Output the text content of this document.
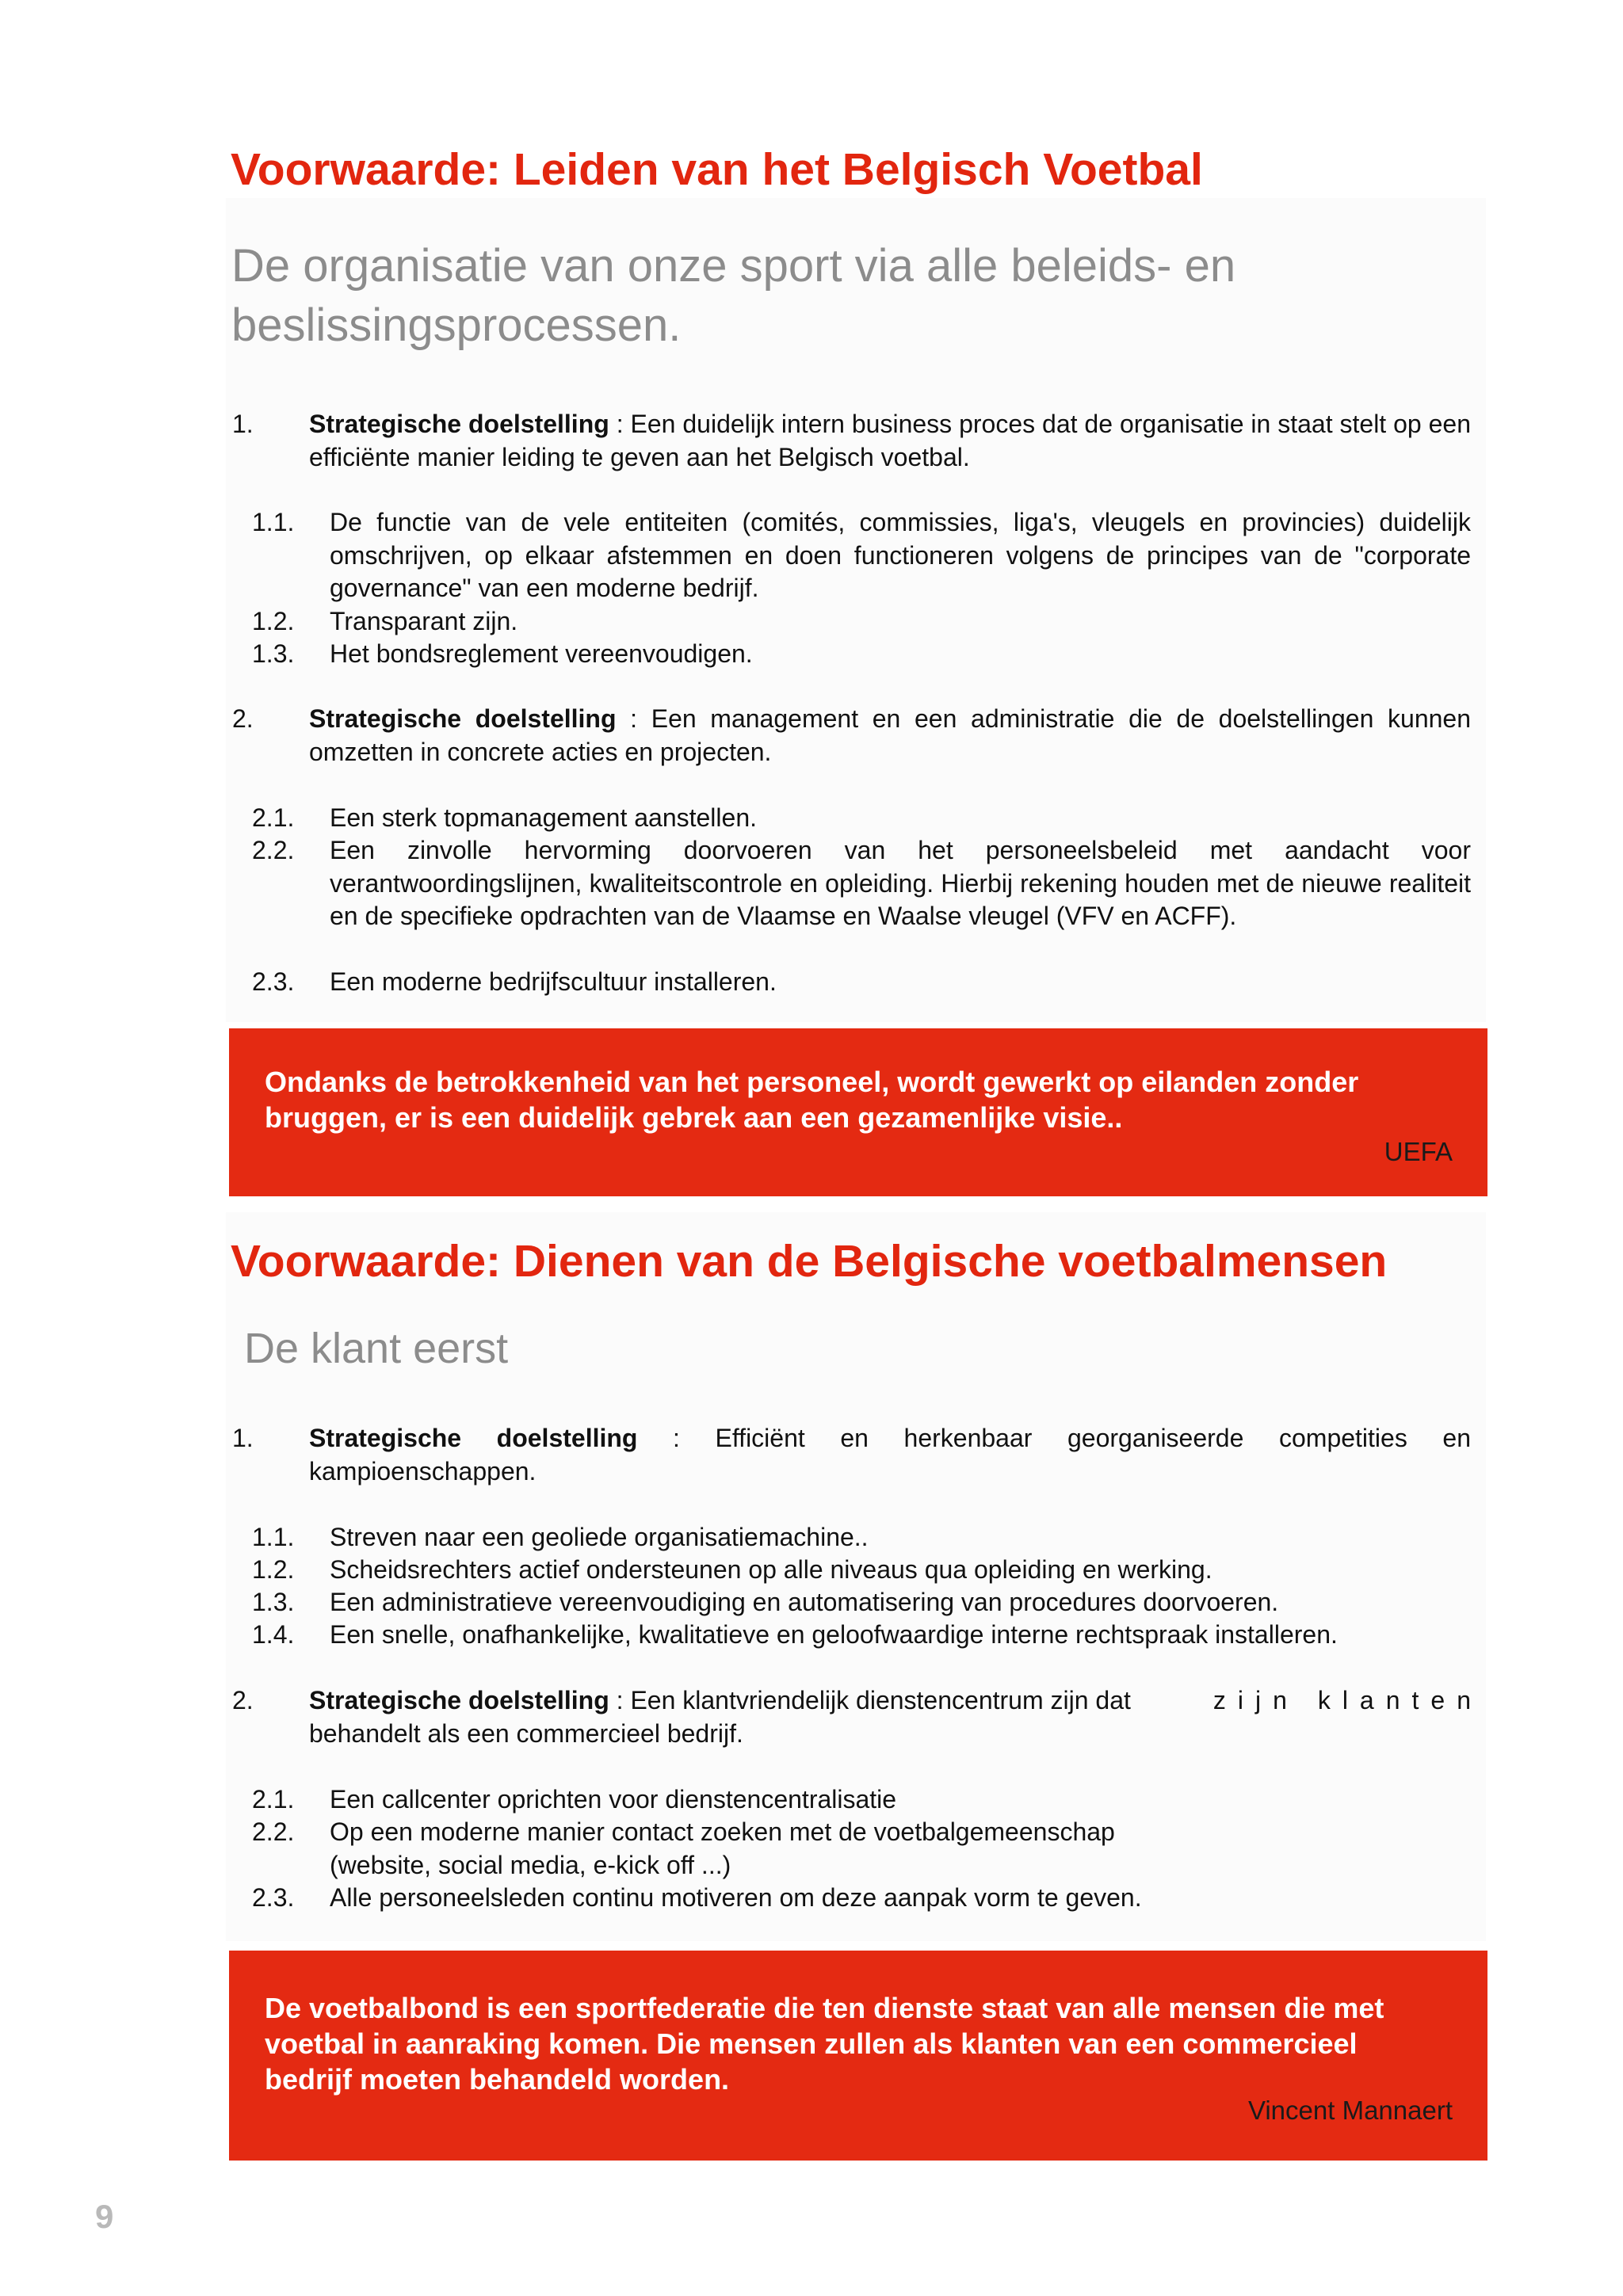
Voorwaarde: Leiden van het Belgisch Voetbal
De organisatie van onze sport via alle beleids- en beslissingsprocessen.
1. Strategische doelstelling : Een duidelijk intern business proces dat de organisatie in staat stelt op een efficiënte manier leiding te geven aan het Belgisch voetbal.
1.1. De functie van de vele entiteiten (comités, commissies, liga's, vleugels en provincies) duidelijk omschrijven, op elkaar afstemmen en doen functioneren volgens de principes van de "corporate governance" van een moderne bedrijf.
1.2. Transparant zijn.
1.3. Het bondsreglement vereenvoudigen.
2. Strategische doelstelling : Een management en een administratie die de doelstellingen kunnen omzetten in concrete acties en projecten.
2.1. Een sterk topmanagement aanstellen.
2.2. Een zinvolle hervorming doorvoeren van het personeelsbeleid met aandacht voor verantwoordingslijnen, kwaliteitscontrole en opleiding. Hierbij rekening houden met de nieuwe realiteit en de specifieke opdrachten van de Vlaamse en Waalse vleugel (VFV en ACFF).
2.3. Een moderne bedrijfscultuur installeren.
Ondanks de betrokkenheid van het personeel, wordt gewerkt op eilanden zonder bruggen, er is een duidelijk gebrek aan een gezamenlijke visie..
UEFA
Voorwaarde: Dienen van de Belgische voetbalmensen
De klant eerst
1. Strategische doelstelling : Efficiënt en herkenbaar georganiseerde competities en kampioenschappen.
1.1. Streven naar een geoliede organisatiemachine..
1.2. Scheidsrechters actief ondersteunen op alle niveaus qua opleiding en werking.
1.3. Een administratieve vereenvoudiging en automatisering van procedures doorvoeren.
1.4. Een snelle, onafhankelijke, kwalitatieve en geloofwaardige interne rechtspraak installeren.
2. Strategische doelstelling : Een klantvriendelijk dienstencentrum zijn dat	zijn klanten
behandelt als een commercieel bedrijf.
2.1. Een callcenter oprichten voor dienstencentralisatie
2.2. Op een moderne manier contact zoeken met de voetbalgemeenschap
(website, social media, e-kick off ...)
2.3. Alle personeelsleden continu motiveren om deze aanpak vorm te geven.
De voetbalbond is een sportfederatie die ten dienste staat van alle mensen die met voetbal in aanraking komen. Die mensen zullen als klanten van een commercieel bedrijf moeten behandeld worden.
Vincent Mannaert
9
